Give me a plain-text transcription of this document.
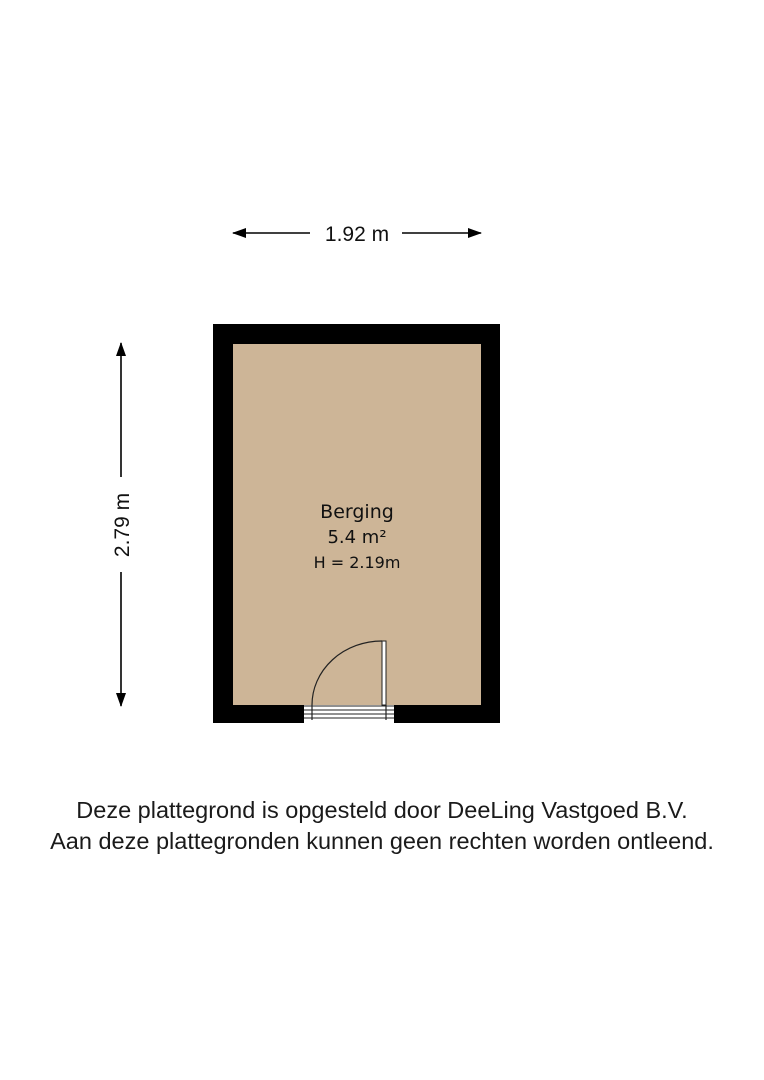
1.92 m
2.79 m	Berging
5.4 m²
H = 2.19m
Deze plattegrond is opgesteld door DeeLing Vastgoed B.V.
Aan deze plattegronden kunnen geen rechten worden ontleend.
